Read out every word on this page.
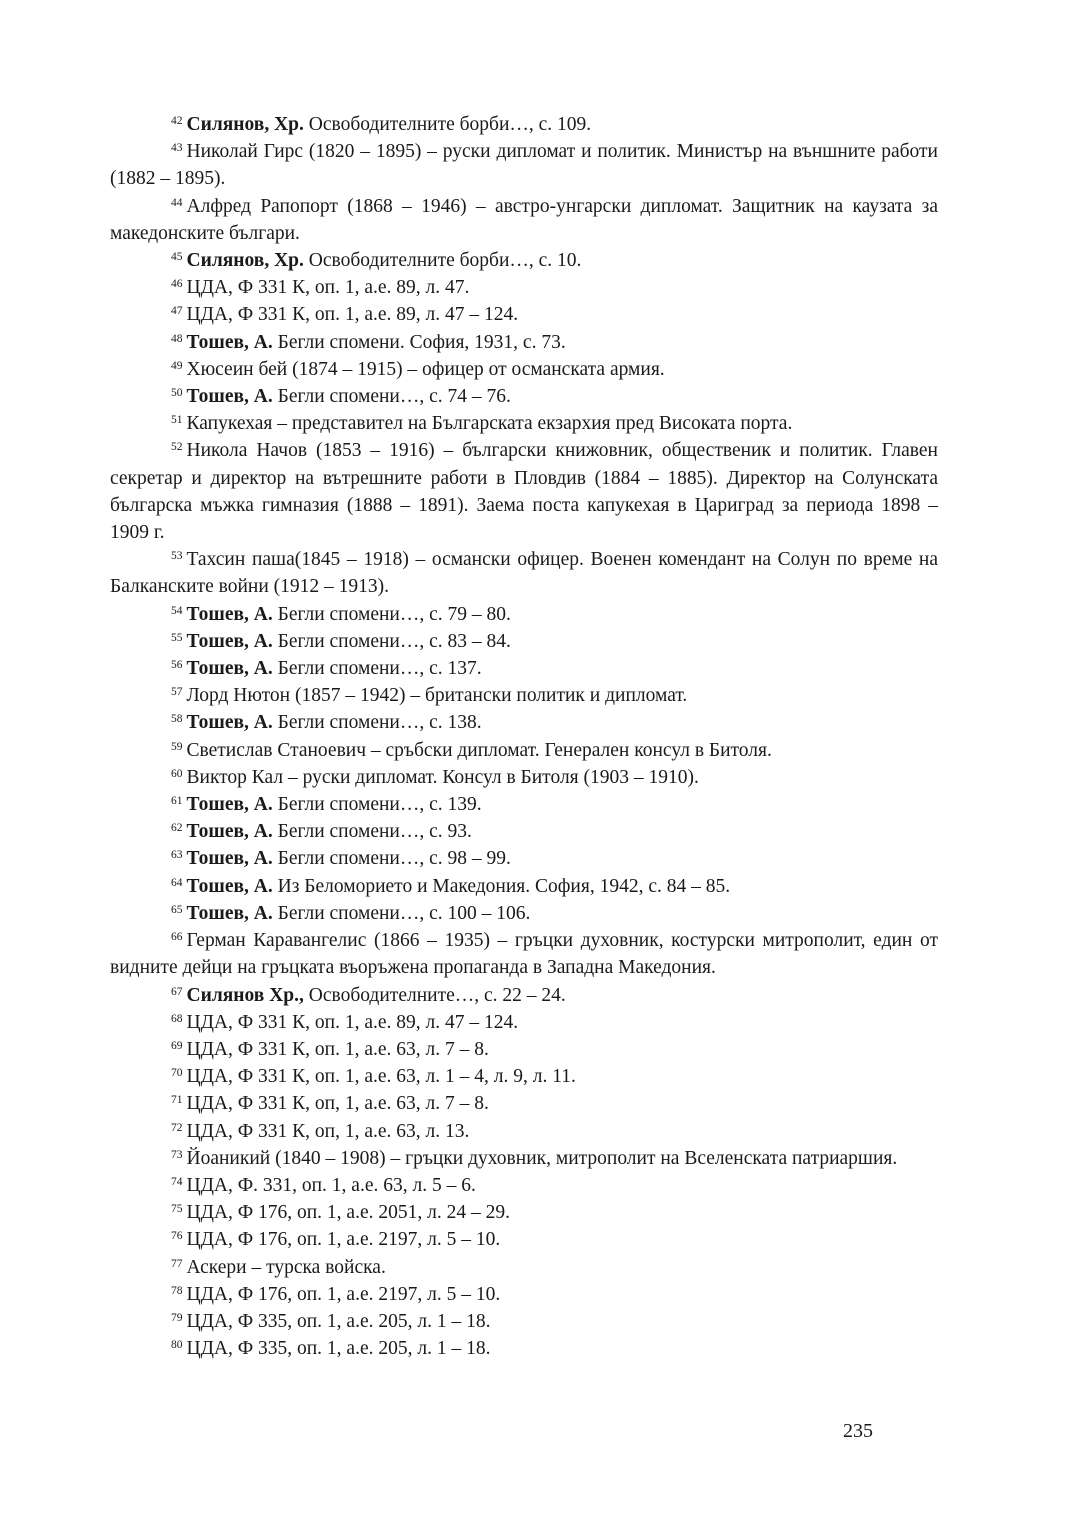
$^{42}$ Силянов, Хр. Освободителните борби…, с. 109.

$^{43}$ Николай Гирс (1820 – 1895) – руски дипломат и политик. Министър на външните работи (1882 – 1895).

$^{44}$ Алфред Рапопорт (1868 – 1946) – австро-унгарски дипломат. Защитник на каузата за македонските българи.

$^{45}$ Силянов, Хр. Освободителните борби…, с. 10.

$^{46}$ ЦДА, Ф 331 К, оп. 1, а.е. 89, л. 47.

$^{47}$ ЦДА, Ф 331 К, оп. 1, а.е. 89, л. 47 – 124.

$^{48}$ Тошев, А. Бегли спомени. София, 1931, с. 73.

$^{49}$ Хюсеин бей (1874 – 1915) – офицер от османската армия.

$^{50}$ Тошев, А. Бегли спомени…, с. 74 – 76.

$^{51}$ Капукехая – представител на Българската екзархия пред Високата порта.

$^{52}$ Никола Начов (1853 – 1916) – български книжовник, общественик и политик. Главен секретар и директор на вътрешните работи в Пловдив (1884 – 1885). Директор на Солунската българска мъжка гимназия (1888 – 1891). Заема поста капукехая в Цариград за периода 1898 – 1909 г.

$^{53}$ Тахсин паша(1845 – 1918) – османски офицер. Военен комендант на Солун по време на Балканските войни (1912 – 1913).

$^{54}$ Тошев, А. Бегли спомени…, с. 79 – 80.

$^{55}$ Тошев, А. Бегли спомени…, с. 83 – 84.

$^{56}$ Тошев, А. Бегли спомени…, с. 137.

$^{57}$ Лорд Нютон (1857 – 1942) – британски политик и дипломат.

$^{58}$ Тошев, А. Бегли спомени…, с. 138.

$^{59}$ Светислав Станоевич – сръбски дипломат. Генерален консул в Битоля.

$^{60}$ Виктор Кал – руски дипломат. Консул в Битоля (1903 – 1910).

$^{61}$ Тошев, А. Бегли спомени…, с. 139.

$^{62}$ Тошев, А. Бегли спомени…, с. 93.

$^{63}$ Тошев, А. Бегли спомени…, с. 98 – 99.

$^{64}$ Тошев, А. Из Беломорието и Македония. София, 1942, с. 84 – 85.

$^{65}$ Тошев, А. Бегли спомени…, с. 100 – 106.

$^{66}$ Герман Каравангелис (1866 – 1935) – гръцки духовник, костурски митрополит, един от видните дейци на гръцката въоръжена пропаганда в Западна Македония.

$^{67}$ Силянов Хр., Освободителните…, с. 22 – 24.

$^{68}$ ЦДА, Ф 331 К, оп. 1, а.е. 89, л. 47 – 124.

$^{69}$ ЦДА, Ф 331 К, оп. 1, а.е. 63, л. 7 – 8.

$^{70}$ ЦДА, Ф 331 К, оп. 1, а.е. 63, л. 1 – 4, л. 9, л. 11.

$^{71}$ ЦДА, Ф 331 К, оп, 1, а.е. 63, л. 7 – 8.

$^{72}$ ЦДА, Ф 331 К, оп, 1, а.е. 63, л. 13.

$^{73}$ Йоаникий (1840 – 1908) – гръцки духовник, митрополит на Вселенската патриаршия.

$^{74}$ ЦДА, Ф. 331, оп. 1, а.е. 63, л. 5 – 6.

$^{75}$ ЦДА, Ф 176, оп. 1, а.е. 2051, л. 24 – 29.

$^{76}$ ЦДА, Ф 176, оп. 1, а.е. 2197, л. 5 – 10.

$^{77}$ Аскери – турска войска.

$^{78}$ ЦДА, Ф 176, оп. 1, а.е. 2197, л. 5 – 10.

$^{79}$ ЦДА, Ф 335, оп. 1, а.е. 205, л. 1 – 18.

$^{80}$ ЦДА, Ф 335, оп. 1, а.е. 205, л. 1 – 18.

235
